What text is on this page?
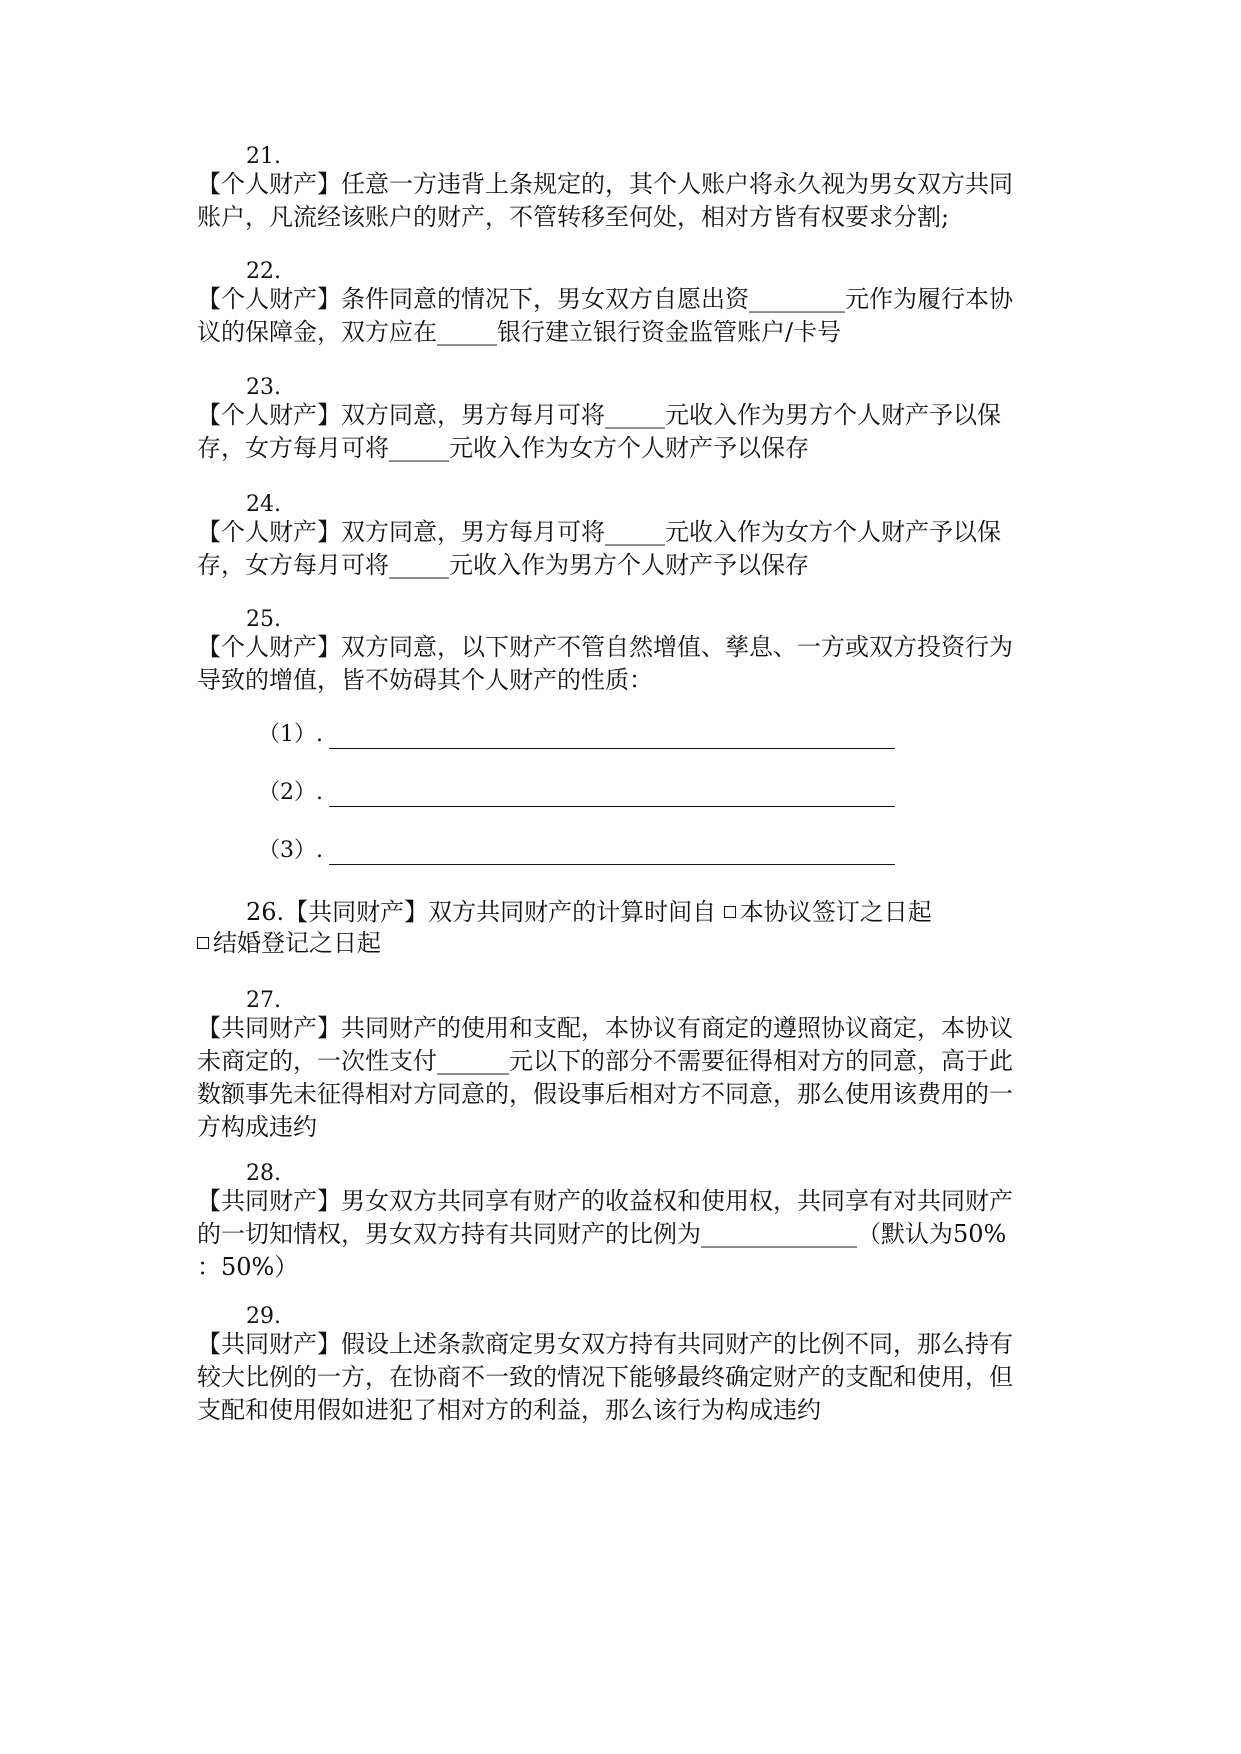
21.
【个人财产】任意一方违背上条规定的，其个人账户将永久视为男女双方共同
账户，凡流经该账户的财产，不管转移至何处，相对方皆有权要求分割;
22.
【个人财产】条件同意的情况下，男女双方自愿出资________元作为履行本协
议的保障金，双方应在_____银行建立银行资金监管账户/卡号
23.
【个人财产】双方同意，男方每月可将_____元收入作为男方个人财产予以保
存，女方每月可将_____元收入作为女方个人财产予以保存
24.
【个人财产】双方同意，男方每月可将_____元收入作为女方个人财产予以保
存，女方每月可将_____元收入作为男方个人财产予以保存
25.
【个人财产】双方同意，以下财产不管自然增值、孳息、一方或双方投资行为
导致的增值，皆不妨碍其个人财产的性质：
（1）.
（2）.
（3）.
26.【共同财产】双方共同财产的计算时间自 本协议签订之日起
结婚登记之日起
27.
【共同财产】共同财产的使用和支配，本协议有商定的遵照协议商定，本协议
未商定的，一次性支付______元以下的部分不需要征得相对方的同意，高于此
数额事先未征得相对方同意的，假设事后相对方不同意，那么使用该费用的一
方构成违约
28.
【共同财产】男女双方共同享有财产的收益权和使用权，共同享有对共同财产
的一切知情权，男女双方持有共同财产的比例为_____________（默认为50%
：50%）
29.
【共同财产】假设上述条款商定男女双方持有共同财产的比例不同，那么持有
较大比例的一方，在协商不一致的情况下能够最终确定财产的支配和使用，但
支配和使用假如进犯了相对方的利益，那么该行为构成违约
